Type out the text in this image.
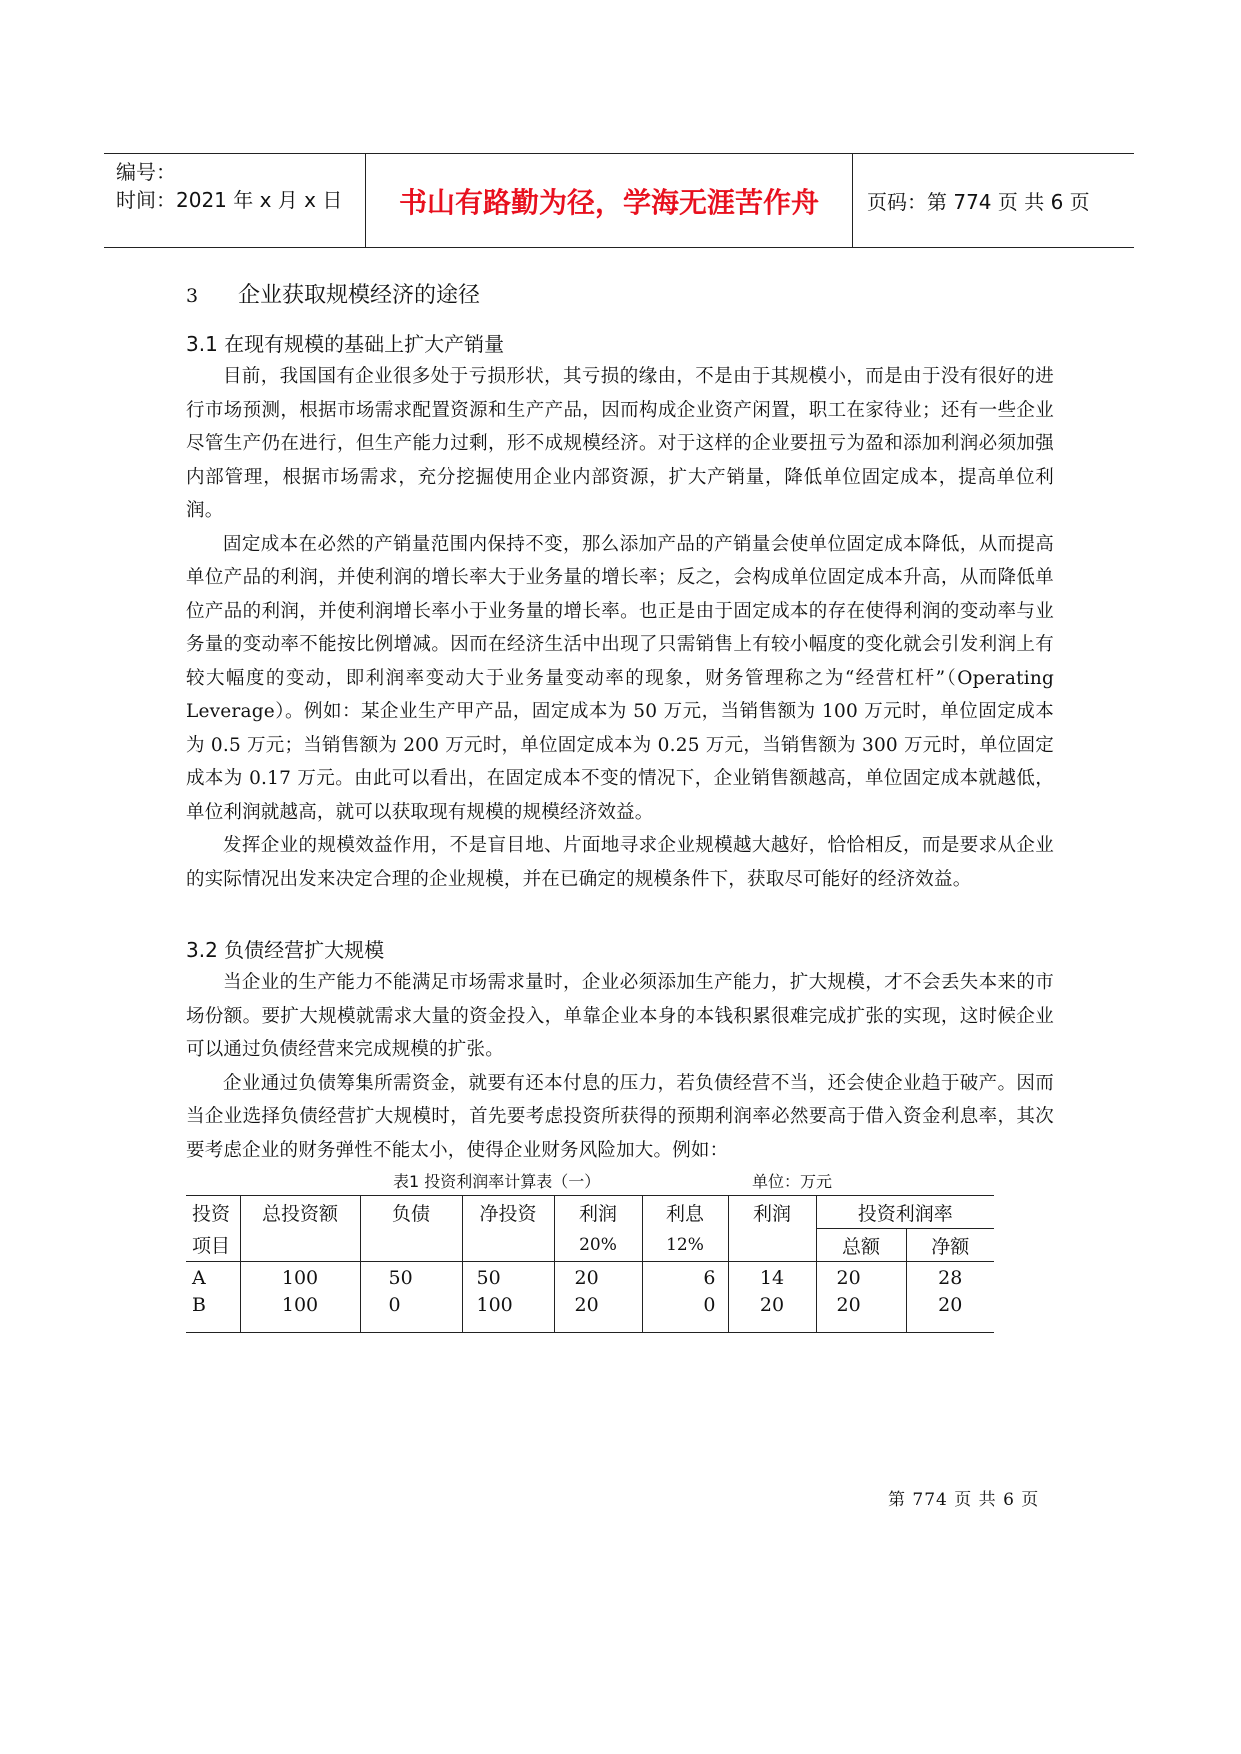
编号：
时间：2021 年 x 月 x 日	书山有路勤为径，学海无涯苦作舟	页码：第 774 页 共 6 页
3 企业获取规模经济的途径
3.1 在现有规模的基础上扩大产销量

目前，我国国有企业很多处于亏损形状，其亏损的缘由，不是由于其规模小，而是由于没有很好的进行市场预测，根据市场需求配置资源和生产产品，因而构成企业资产闲置，职工在家待业；还有一些企业尽管生产仍在进行，但生产能力过剩，形不成规模经济。对于这样的企业要扭亏为盈和添加利润必须加强内部管理，根据市场需求，充分挖掘使用企业内部资源，扩大产销量，降低单位固定成本，提高单位利润。

固定成本在必然的产销量范围内保持不变，那么添加产品的产销量会使单位固定成本降低，从而提高单位产品的利润，并使利润的增长率大于业务量的增长率；反之，会构成单位固定成本升高，从而降低单位产品的利润，并使利润增长率小于业务量的增长率。也正是由于固定成本的存在使得利润的变动率与业务量的变动率不能按比例增减。因而在经济生活中出现了只需销售上有较小幅度的变化就会引发利润上有较大幅度的变动，即利润率变动大于业务量变动率的现象，财务管理称之为“经营杠杆”（Operating Leverage）。例如：某企业生产甲产品，固定成本为 50 万元，当销售额为 100 万元时，单位固定成本为 0.5 万元；当销售额为 200 万元时，单位固定成本为 0.25 万元，当销售额为 300 万元时，单位固定成本为 0.17 万元。由此可以看出，在固定成本不变的情况下，企业销售额越高，单位固定成本就越低，单位利润就越高，就可以获取现有规模的规模经济效益。

发挥企业的规模效益作用，不是盲目地、片面地寻求企业规模越大越好，恰恰相反，而是要求从企业的实际情况出发来决定合理的企业规模，并在已确定的规模条件下，获取尽可能好的经济效益。

3.2 负债经营扩大规模

当企业的生产能力不能满足市场需求量时，企业必须添加生产能力，扩大规模，才不会丢失本来的市场份额。要扩大规模就需求大量的资金投入，单靠企业本身的本钱积累很难完成扩张的实现，这时候企业可以通过负债经营来完成规模的扩张。

企业通过负债筹集所需资金，就要有还本付息的压力，若负债经营不当，还会使企业趋于破产。因而当企业选择负债经营扩大规模时，首先要考虑投资所获得的预期利润率必然要高于借入资金利息率，其次要考虑企业的财务弹性不能太小，使得企业财务风险加大。例如：

表1 投资利润率计算表（一）	单位：万元
投资	总投资额	负债	净投资	利润	利息	利润	投资利润率	
项目				20%	12%		总额	净额
A	100	50	50	20	6	14	20	28
B	100	0	100	20	0	20	20	20
第 774 页 共 6 页
